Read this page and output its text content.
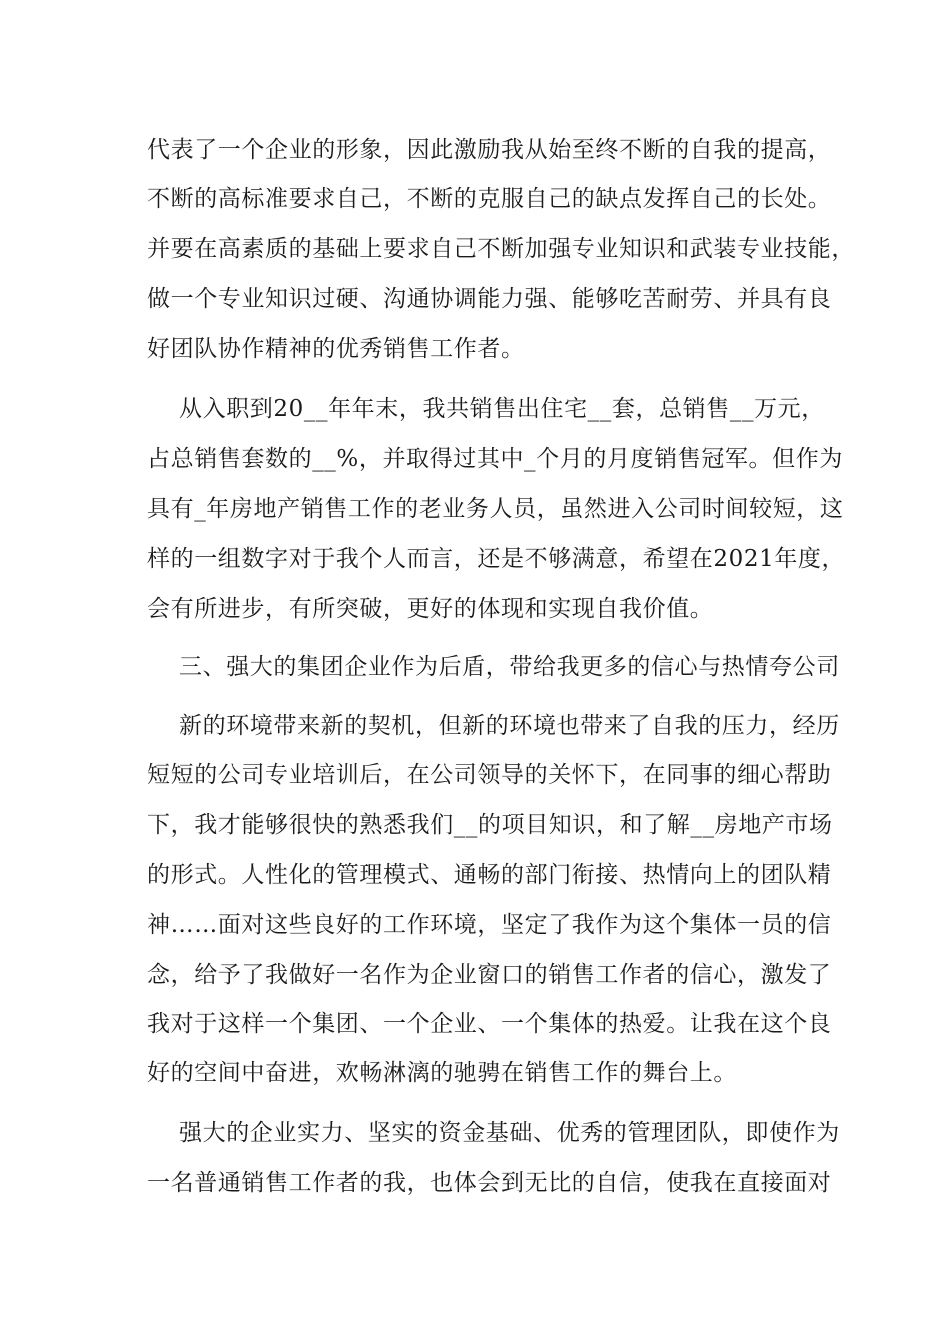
代表了一个企业的形象，因此激励我从始至终不断的自我的提高，
不断的高标准要求自己，不断的克服自己的缺点发挥自己的长处。
并要在高素质的基础上要求自己不断加强专业知识和武装专业技能，
做一个专业知识过硬、沟通协调能力强、能够吃苦耐劳、并具有良
好团队协作精神的优秀销售工作者。
从入职到20__年年末，我共销售出住宅__套，总销售__万元，
占总销售套数的__%，并取得过其中_个月的月度销售冠军。但作为
具有_年房地产销售工作的老业务人员，虽然进入公司时间较短，这
样的一组数字对于我个人而言，还是不够满意，希望在2021年度，
会有所进步，有所突破，更好的体现和实现自我价值。
三、强大的集团企业作为后盾，带给我更多的信心与热情夸公司
新的环境带来新的契机，但新的环境也带来了自我的压力，经历
短短的公司专业培训后，在公司领导的关怀下，在同事的细心帮助
下，我才能够很快的熟悉我们__的项目知识，和了解__房地产市场
的形式。人性化的管理模式、通畅的部门衔接、热情向上的团队精
神……面对这些良好的工作环境，坚定了我作为这个集体一员的信
念，给予了我做好一名作为企业窗口的销售工作者的信心，激发了
我对于这样一个集团、一个企业、一个集体的热爱。让我在这个良
好的空间中奋进，欢畅淋漓的驰骋在销售工作的舞台上。
强大的企业实力、坚实的资金基础、优秀的管理团队，即使作为
一名普通销售工作者的我，也体会到无比的自信，使我在直接面对
